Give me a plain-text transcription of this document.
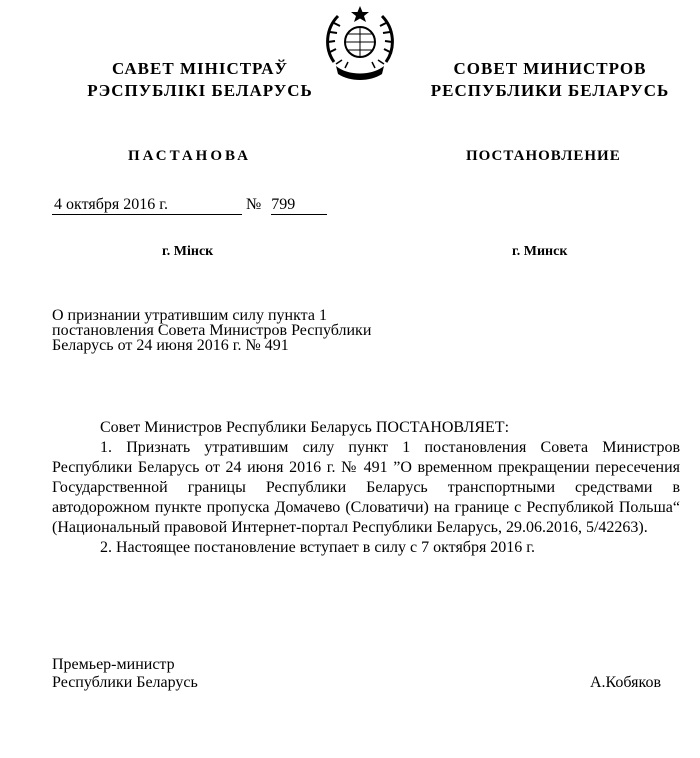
САВЕТ МІНІСТРАЎ
РЭСПУБЛІКІ БЕЛАРУСЬ
СОВЕТ МИНИСТРОВ
РЕСПУБЛИКИ БЕЛАРУСЬ
ПАСТАНОВА	ПОСТАНОВЛЕНИЕ
4 октября 2016 г.	№ 799
г. Мінск	г. Минск
О признании утратившим силу пункта 1
постановления Совета Министров Республики
Беларусь от 24 июня 2016 г. № 491

Совет Министров Республики Беларусь ПОСТАНОВЛЯЕТ:

1. Признать утратившим силу пункт 1 постановления Совета Министров Республики Беларусь от 24 июня 2016 г. № 491 ”О временном прекращении пересечения Государственной границы Республики Беларусь транспортными средствами в автодорожном пункте пропуска Домачево (Словатичи) на границе с Республикой Польша“ (Национальный правовой Интернет-портал Республики Беларусь, 29.06.2016, 5/42263).

2. Настоящее постановление вступает в силу с 7 октября 2016 г.

Премьер-министр
Республики Беларусь	А.Кобяков
